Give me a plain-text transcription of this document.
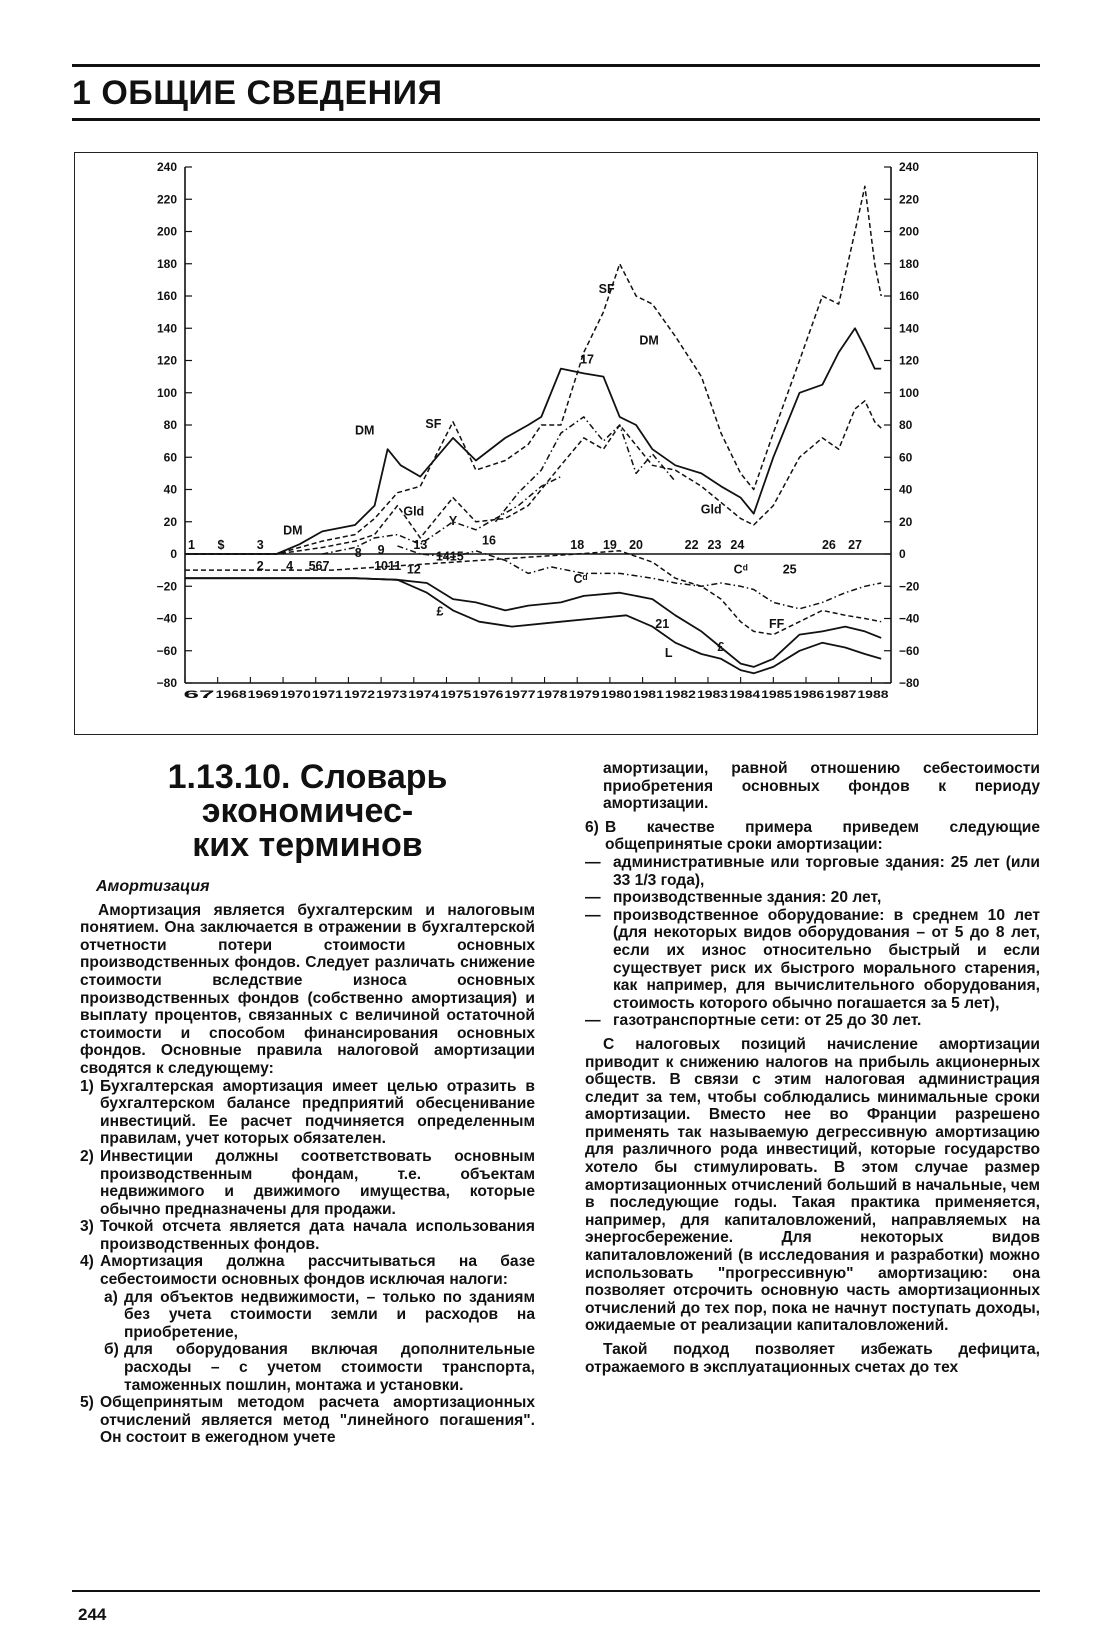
1 ОБЩИЕ СВЕДЕНИЯ
240	240
220	220
200	200
180	180
160	160
140	140
120	120
100	100
80	80
60	60
40	40
20	20
0	0
−20	−20
−40	−40
−60	−60
−80	−80
67 1968 1969 1970 1971 1972 1973 1974 1975 1976 1977 1978 1979 1980 1981 1982 1983 1984 1985 1986 1987 1988
SF
DM
17
DM	SF
DM
Gld
Y
Gld
£
Cᵈ
Cᵈ
21	FF
L	£
1 $	3
2 4 567
8 9
1011 12
13
1415
16	18 19 20	22 23 24
25
26 27
1.13.10. Словарь экономичес-
ких терминов
Амортизация

Амортизация является бухгалтерским и налоговым понятием. Она заключается в отражении в бухгалтерской отчетности потери стоимости основных производственных фондов. Следует различать снижение стоимости вследствие износа основных производственных фондов (собственно амортизация) и выплату процентов, связанных с величиной остаточной стоимости и способом финансирования основных фондов. Основные правила налоговой амортизации сводятся к следующему:

1) Бухгалтерская амортизация имеет целью отразить в бухгалтерском балансе предприятий обесценивание инвестиций. Ее расчет подчиняется определенным правилам, учет которых обязателен.
2) Инвестиции должны соответствовать основным производственным фондам, т.е. объектам недвижимого и движимого имущества, которые обычно предназначены для продажи.
3) Точкой отсчета является дата начала использования производственных фондов.
4) Амортизация должна рассчитываться на базе себестоимости основных фондов исключая налоги:
а) для объектов недвижимости, – только по зданиям без учета стоимости земли и расходов на приобретение,
б) для оборудования включая дополнительные расходы – с учетом стоимости транспорта, таможенных пошлин, монтажа и установки.
5) Общепринятым методом расчета амортизационных отчислений является метод "линейного погашения". Он состоит в ежегодном учете

амортизации, равной отношению себестоимости приобретения основных фондов к периоду амортизации.

6) В качестве примера приведем следующие общепринятые сроки амортизации:
— административные или торговые здания: 25 лет (или 33 1/3 года),
— производственные здания: 20 лет,
— производственное оборудование: в среднем 10 лет (для некоторых видов оборудования – от 5 до 8 лет, если их износ относительно быстрый и если существует риск их быстрого морального старения, как например, для вычислительного оборудования, стоимость которого обычно погашается за 5 лет),
— газотранспортные сети: от 25 до 30 лет.

С налоговых позиций начисление амортизации приводит к снижению налогов на прибыль акционерных обществ. В связи с этим налоговая администрация следит за тем, чтобы соблюдались минимальные сроки амортизации. Вместо нее во Франции разрешено применять так называемую дегрессивную амортизацию для различного рода инвестиций, которые государство хотело бы стимулировать. В этом случае размер амортизационных отчислений больший в начальные, чем в последующие годы. Такая практика применяется, например, для капиталовложений, направляемых на энергосбережение. Для некоторых видов капиталовложений (в исследования и разработки) можно использовать "прогрессивную" амортизацию: она позволяет отсрочить основную часть амортизационных отчислений до тех пор, пока не начнут поступать доходы, ожидаемые от реализации капиталовложений.

Такой подход позволяет избежать дефицита, отражаемого в эксплуатационных счетах до тех

244
